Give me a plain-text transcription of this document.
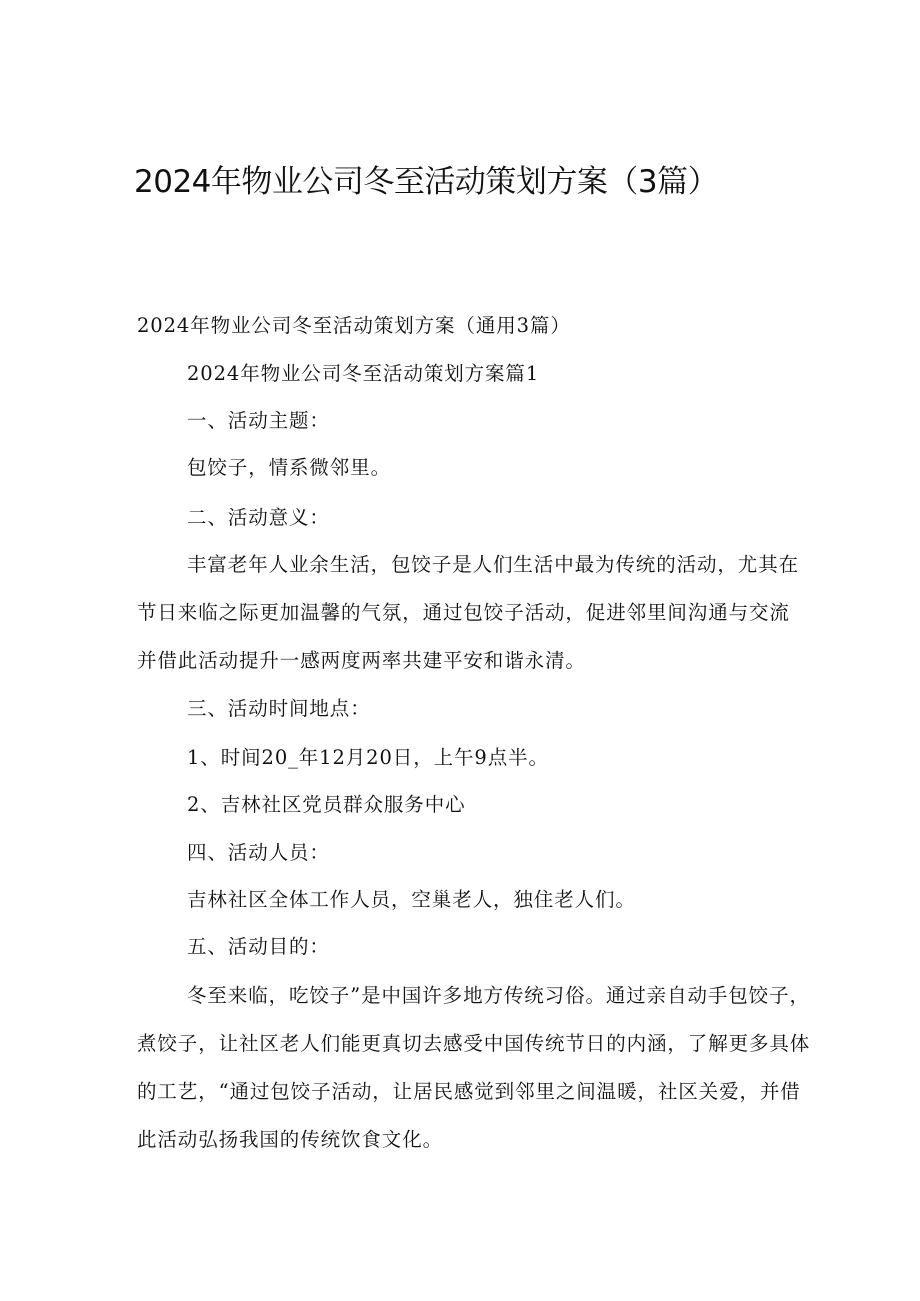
2024年物业公司冬至活动策划方案（3篇）
2024年物业公司冬至活动策划方案（通用3篇）
2024年物业公司冬至活动策划方案篇1
一、活动主题：
包饺子，情系微邻里。
二、活动意义：
丰富老年人业余生活，包饺子是人们生活中最为传统的活动，尤其在
节日来临之际更加温馨的气氛，通过包饺子活动，促进邻里间沟通与交流
并借此活动提升一感两度两率共建平安和谐永清。
三、活动时间地点：
1、时间20_年12月20日，上午9点半。
2、吉林社区党员群众服务中心
四、活动人员：
吉林社区全体工作人员，空巢老人，独住老人们。
五、活动目的：
冬至来临，吃饺子”是中国许多地方传统习俗。通过亲自动手包饺子，
煮饺子，让社区老人们能更真切去感受中国传统节日的内涵，了解更多具体
的工艺，“通过包饺子活动，让居民感觉到邻里之间温暖，社区关爱，并借
此活动弘扬我国的传统饮食文化。
